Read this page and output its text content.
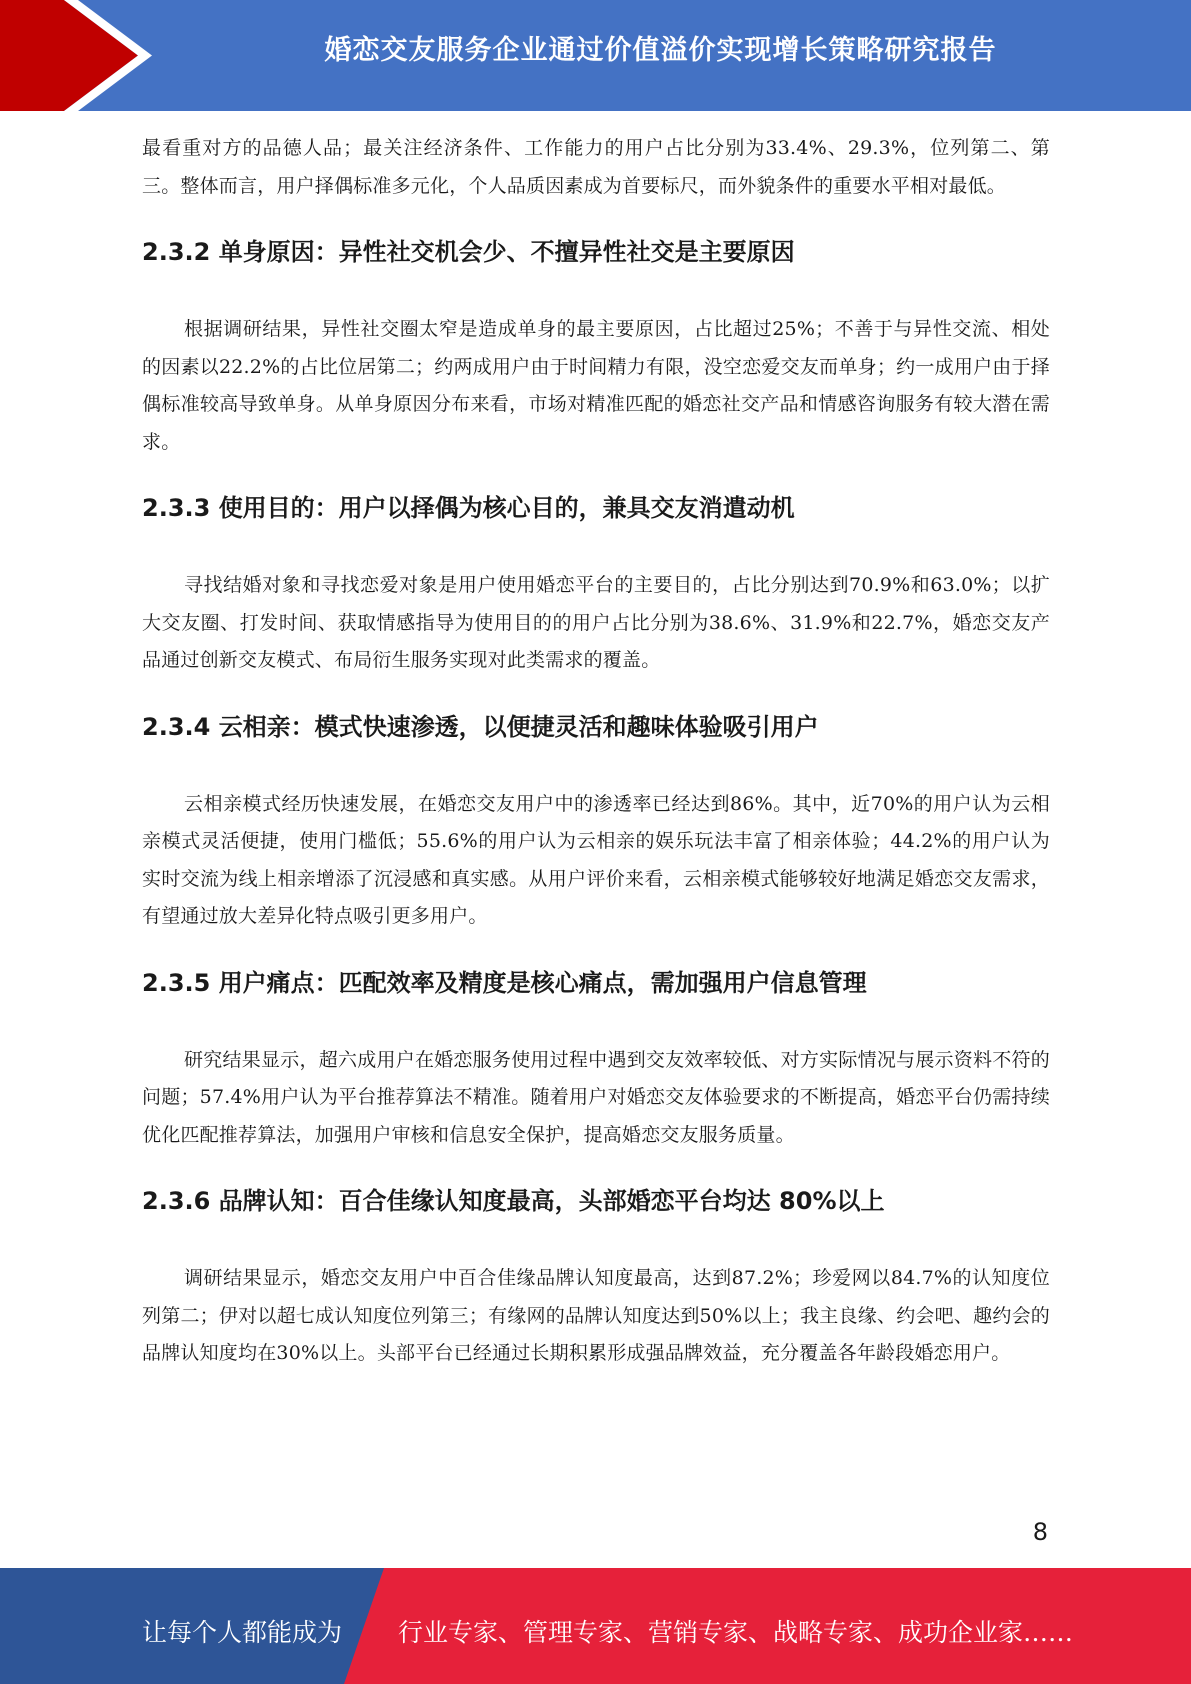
婚恋交友服务企业通过价值溢价实现增长策略研究报告

最看重对方的品德人品；最关注经济条件、工作能力的用户占比分别为33.4%、29.3%，位列第二、第三。整体而言，用户择偶标准多元化，个人品质因素成为首要标尺，而外貌条件的重要水平相对最低。

2.3.2 单身原因：异性社交机会少、不擅异性社交是主要原因

根据调研结果，异性社交圈太窄是造成单身的最主要原因，占比超过25%；不善于与异性交流、相处的因素以22.2%的占比位居第二；约两成用户由于时间精力有限，没空恋爱交友而单身；约一成用户由于择偶标准较高导致单身。从单身原因分布来看，市场对精准匹配的婚恋社交产品和情感咨询服务有较大潜在需求。

2.3.3 使用目的：用户以择偶为核心目的，兼具交友消遣动机

寻找结婚对象和寻找恋爱对象是用户使用婚恋平台的主要目的，占比分别达到70.9%和63.0%；以扩大交友圈、打发时间、获取情感指导为使用目的的用户占比分别为38.6%、31.9%和22.7%，婚恋交友产品通过创新交友模式、布局衍生服务实现对此类需求的覆盖。

2.3.4 云相亲：模式快速渗透，以便捷灵活和趣味体验吸引用户

云相亲模式经历快速发展，在婚恋交友用户中的渗透率已经达到86%。其中，近70%的用户认为云相亲模式灵活便捷，使用门槛低；55.6%的用户认为云相亲的娱乐玩法丰富了相亲体验；44.2%的用户认为实时交流为线上相亲增添了沉浸感和真实感。从用户评价来看，云相亲模式能够较好地满足婚恋交友需求，有望通过放大差异化特点吸引更多用户。

2.3.5 用户痛点：匹配效率及精度是核心痛点，需加强用户信息管理

研究结果显示，超六成用户在婚恋服务使用过程中遇到交友效率较低、对方实际情况与展示资料不符的问题；57.4%用户认为平台推荐算法不精准。随着用户对婚恋交友体验要求的不断提高，婚恋平台仍需持续优化匹配推荐算法，加强用户审核和信息安全保护，提高婚恋交友服务质量。

2.3.6 品牌认知：百合佳缘认知度最高，头部婚恋平台均达 80%以上

调研结果显示，婚恋交友用户中百合佳缘品牌认知度最高，达到87.2%；珍爱网以84.7%的认知度位列第二；伊对以超七成认知度位列第三；有缘网的品牌认知度达到50%以上；我主良缘、约会吧、趣约会的品牌认知度均在30%以上。头部平台已经通过长期积累形成强品牌效益，充分覆盖各年龄段婚恋用户。

8
让每个人都能成为 行业专家、管理专家、营销专家、战略专家、成功企业家……
